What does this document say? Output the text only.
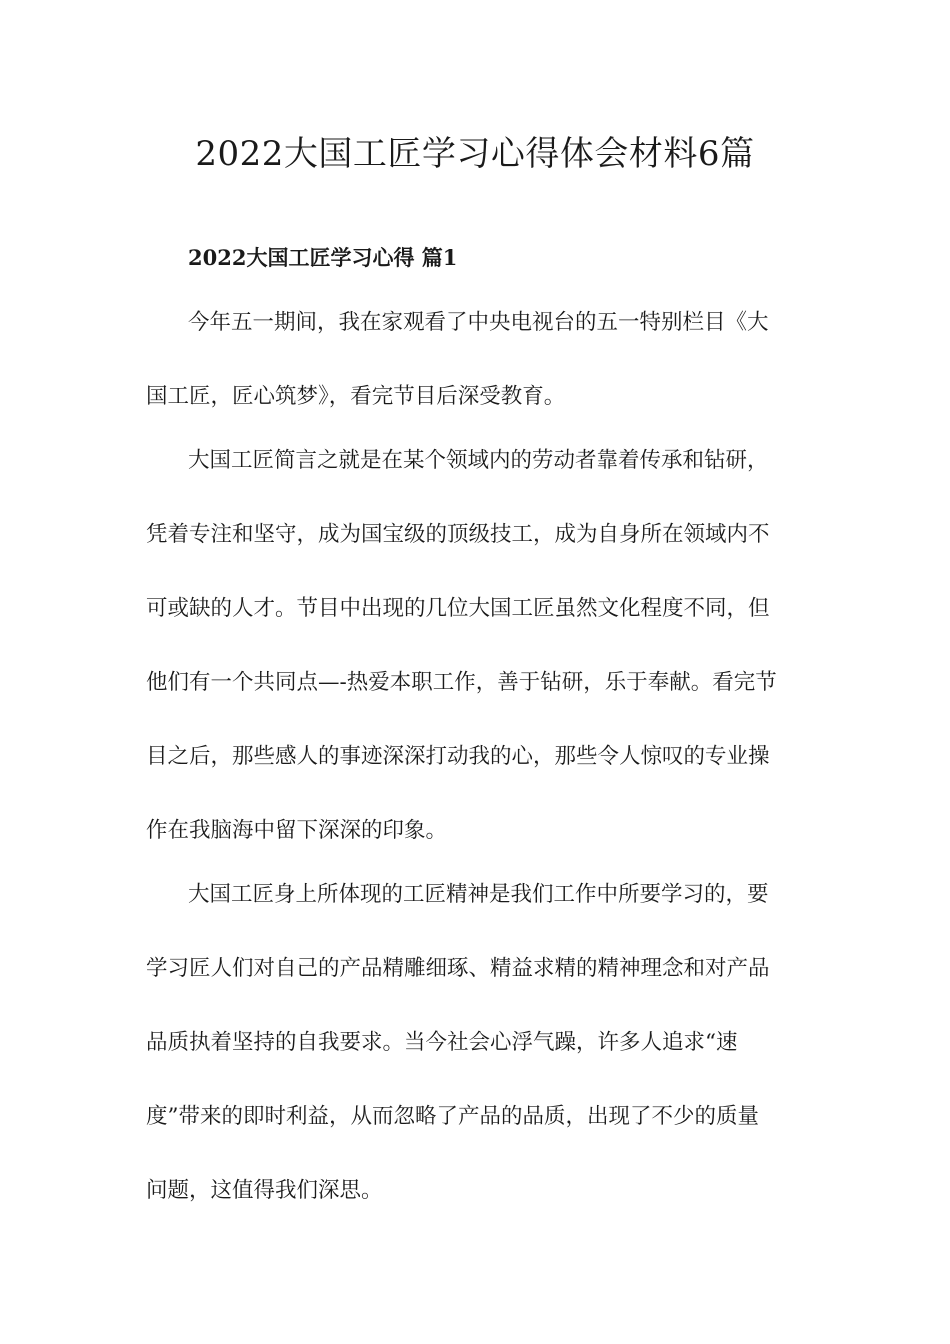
2022大国工匠学习心得体会材料6篇
2022大国工匠学习心得 篇1

今年五一期间，我在家观看了中央电视台的五一特别栏目《大

国工匠，匠心筑梦》，看完节目后深受教育。

大国工匠简言之就是在某个领域内的劳动者靠着传承和钻研，

凭着专注和坚守，成为国宝级的顶级技工，成为自身所在领域内不

可或缺的人才。节目中出现的几位大国工匠虽然文化程度不同，但

他们有一个共同点—-热爱本职工作，善于钻研，乐于奉献。看完节

目之后，那些感人的事迹深深打动我的心，那些令人惊叹的专业操

作在我脑海中留下深深的印象。

大国工匠身上所体现的工匠精神是我们工作中所要学习的，要

学习匠人们对自己的产品精雕细琢、精益求精的精神理念和对产品

品质执着坚持的自我要求。当今社会心浮气躁，许多人追求“速

度”带来的即时利益，从而忽略了产品的品质，出现了不少的质量

问题，这值得我们深思。
